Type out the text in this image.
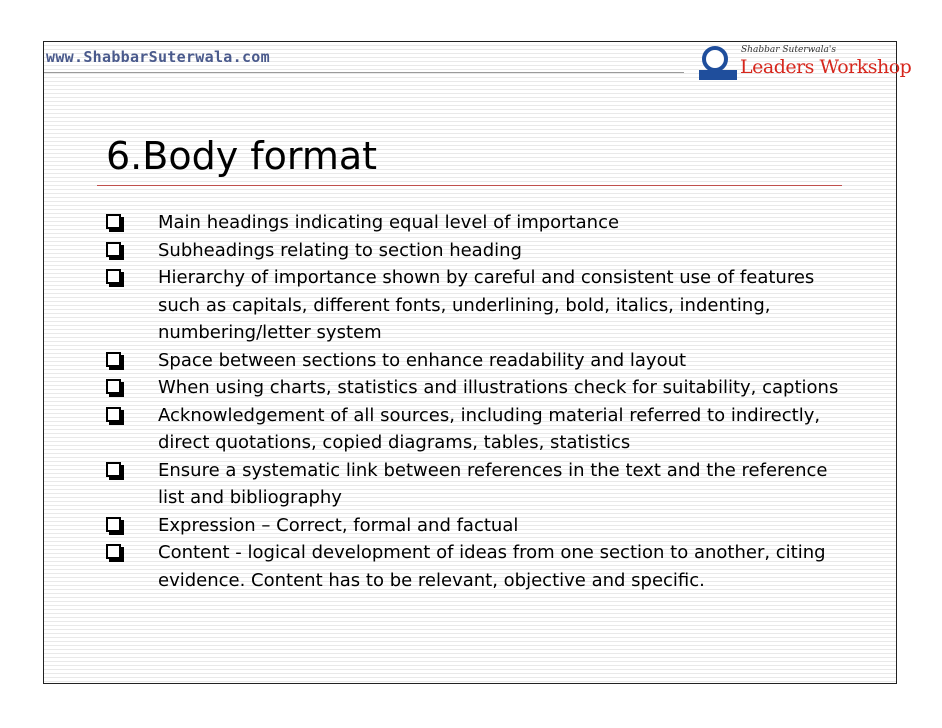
www.ShabbarSuterwala.com	Shabbar Suterwala's
Leaders Workshop
6.Body format
Main headings indicating equal level of importance
Subheadings relating to section heading
Hierarchy of importance shown by careful and consistent use of features such as capitals, different fonts, underlining, bold, italics, indenting, numbering/letter system
Space between sections to enhance readability and layout
When using charts, statistics and illustrations check for suitability, captions
Acknowledgement of all sources, including material referred to indirectly, direct quotations, copied diagrams, tables, statistics
Ensure a systematic link between references in the text and the reference list and bibliography
Expression – Correct, formal and factual
Content - logical development of ideas from one section to another, citing evidence. Content has to be relevant, objective and specific.
